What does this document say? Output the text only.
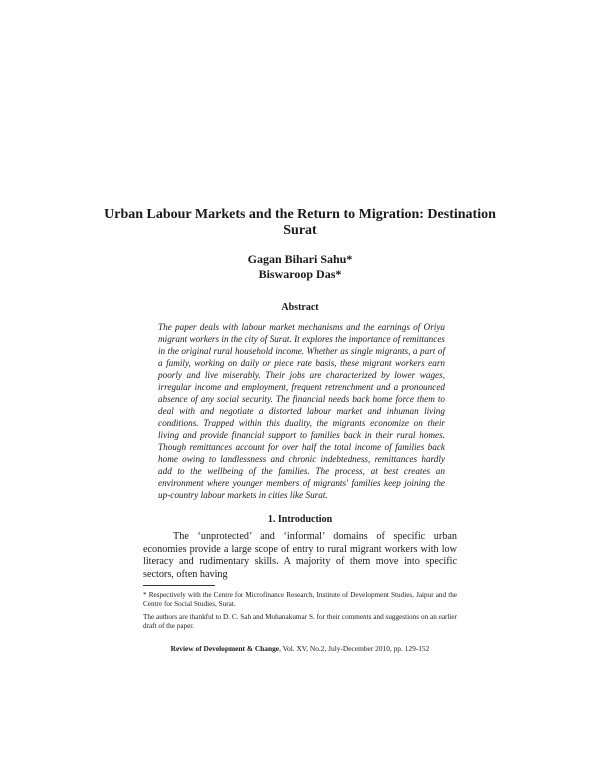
Urban Labour Markets and the Return to Migration: Destination Surat
Gagan Bihari Sahu*
Biswaroop Das*
Abstract
The paper deals with labour market mechanisms and the earnings of Oriya migrant workers in the city of Surat. It explores the importance of remittances in the original rural household income. Whether as single migrants, a part of a family, working on daily or piece rate basis, these migrant workers earn poorly and live miserably. Their jobs are characterized by lower wages, irregular income and employment, frequent retrenchment and a pronounced absence of any social security. The financial needs back home force them to deal with and negotiate a distorted labour market and inhuman living conditions. Trapped within this duality, the migrants economize on their living and provide financial support to families back in their rural homes. Though remittances account for over half the total income of families back home owing to landlessness and chronic indebtedness, remittances hardly add to the wellbeing of the families. The process, at best creates an environment where younger members of migrants' families keep joining the up-country labour markets in cities like Surat.
1. Introduction

The ‘unprotected’ and ‘informal’ domains of specific urban economies provide a large scope of entry to rural migrant workers with low literacy and rudimentary skills. A majority of them move into specific sectors, often having

* Respectively with the Centre for Microfinance Research, Institute of Development Studies, Jaipur and the Centre for Social Studies, Surat.

The authors are thankful to D. C. Sah and Mohanakumar S. for their comments and suggestions on an earlier draft of the paper.

Review of Development & Change, Vol. XV, No.2, July-December 2010, pp. 129-152
